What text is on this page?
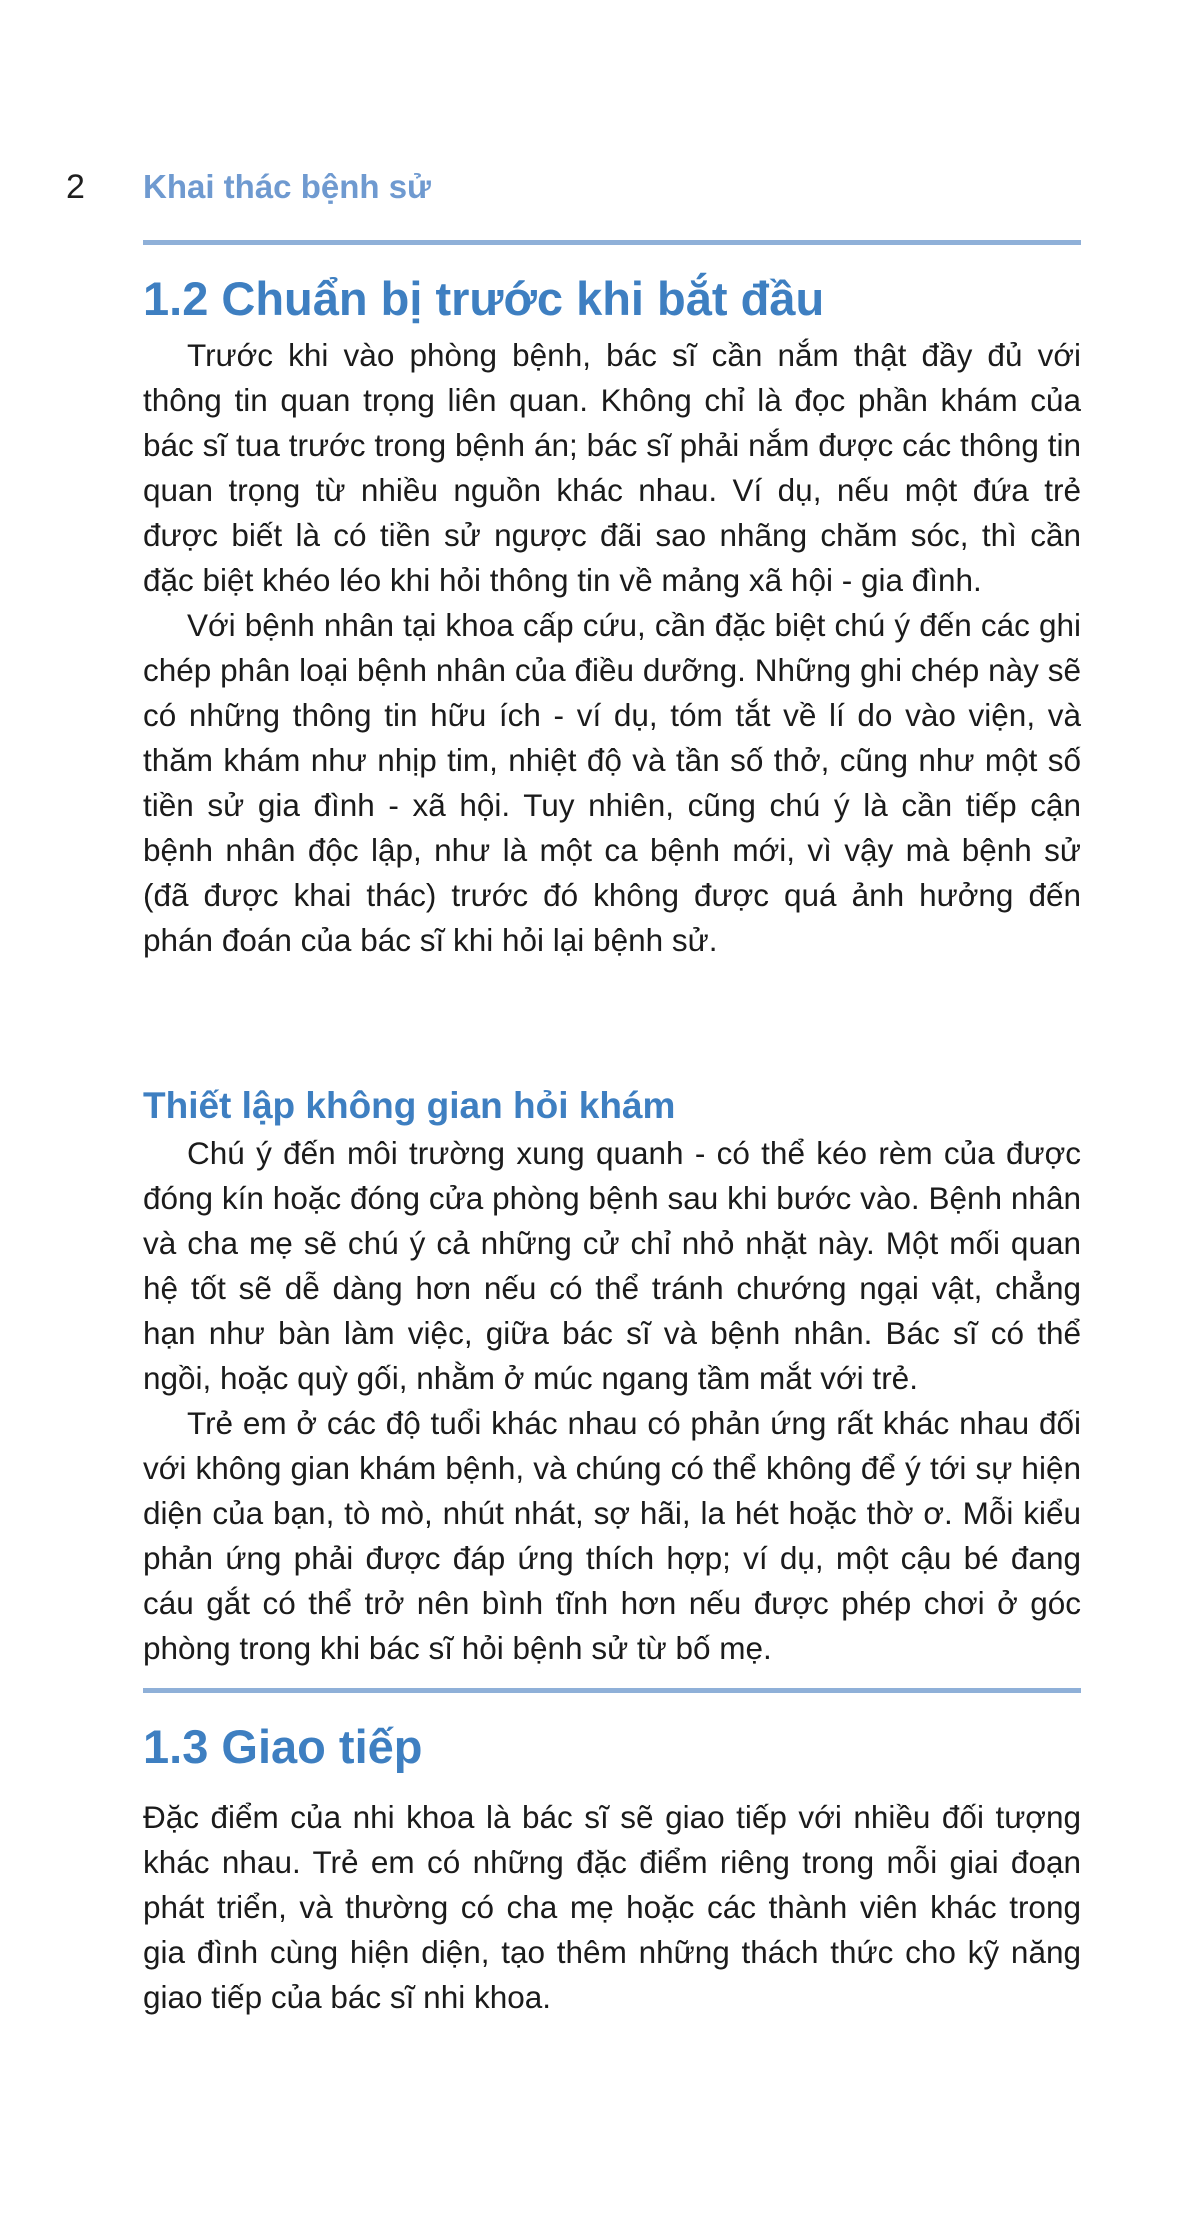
2 Khai thác bệnh sử
1.2 Chuẩn bị trước khi bắt đầu

Trước khi vào phòng bệnh, bác sĩ cần nắm thật đầy đủ với thông tin quan trọng liên quan. Không chỉ là đọc phần khám của bác sĩ tua trước trong bệnh án; bác sĩ phải nắm được các thông tin quan trọng từ nhiều nguồn khác nhau. Ví dụ, nếu một đứa trẻ được biết là có tiền sử ngược đãi sao nhãng chăm sóc, thì cần đặc biệt khéo léo khi hỏi thông tin về mảng xã hội - gia đình.

Với bệnh nhân tại khoa cấp cứu, cần đặc biệt chú ý đến các ghi chép phân loại bệnh nhân của điều dưỡng. Những ghi chép này sẽ có những thông tin hữu ích - ví dụ, tóm tắt về lí do vào viện, và thăm khám như nhịp tim, nhiệt độ và tần số thở, cũng như một số tiền sử gia đình - xã hội. Tuy nhiên, cũng chú ý là cần tiếp cận bệnh nhân độc lập, như là một ca bệnh mới, vì vậy mà bệnh sử (đã được khai thác) trước đó không được quá ảnh hưởng đến phán đoán của bác sĩ khi hỏi lại bệnh sử.

Thiết lập không gian hỏi khám

Chú ý đến môi trường xung quanh - có thể kéo rèm của được đóng kín hoặc đóng cửa phòng bệnh sau khi bước vào. Bệnh nhân và cha mẹ sẽ chú ý cả những cử chỉ nhỏ nhặt này. Một mối quan hệ tốt sẽ dễ dàng hơn nếu có thể tránh chướng ngại vật, chẳng hạn như bàn làm việc, giữa bác sĩ và bệnh nhân. Bác sĩ có thể ngồi, hoặc quỳ gối, nhằm ở múc ngang tầm mắt với trẻ.

Trẻ em ở các độ tuổi khác nhau có phản ứng rất khác nhau đối với không gian khám bệnh, và chúng có thể không để ý tới sự hiện diện của bạn, tò mò, nhút nhát, sợ hãi, la hét hoặc thờ ơ. Mỗi kiểu phản ứng phải được đáp ứng thích hợp; ví dụ, một cậu bé đang cáu gắt có thể trở nên bình tĩnh hơn nếu được phép chơi ở góc phòng trong khi bác sĩ hỏi bệnh sử từ bố mẹ.

1.3 Giao tiếp

Đặc điểm của nhi khoa là bác sĩ sẽ giao tiếp với nhiều đối tượng khác nhau. Trẻ em có những đặc điểm riêng trong mỗi giai đoạn phát triển, và thường có cha mẹ hoặc các thành viên khác trong gia đình cùng hiện diện, tạo thêm những thách thức cho kỹ năng giao tiếp của bác sĩ nhi khoa.
